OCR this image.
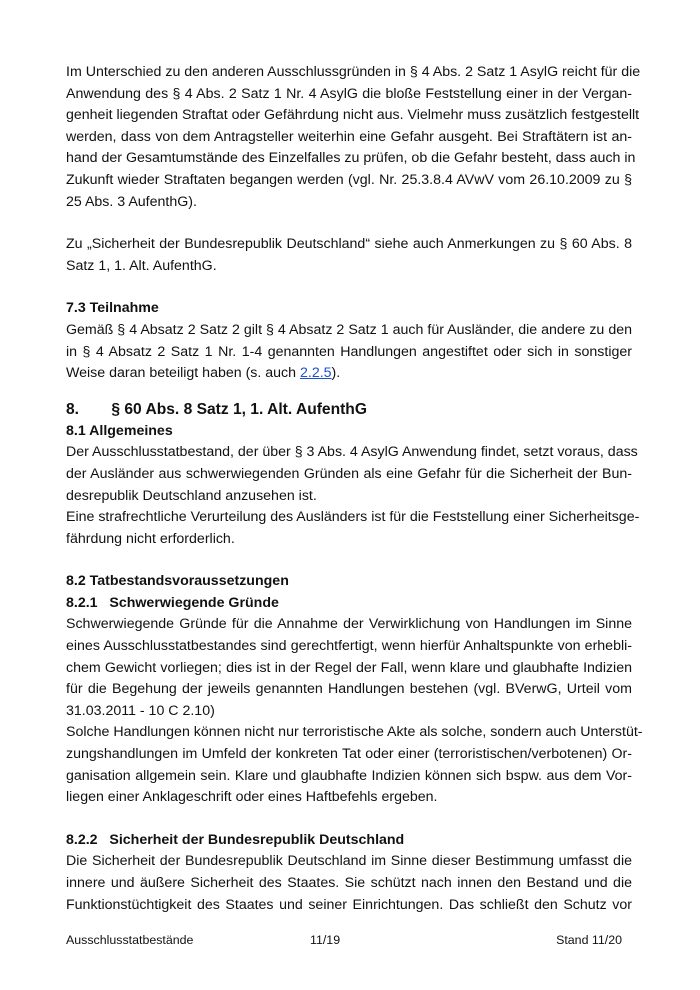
Im Unterschied zu den anderen Ausschlussgründen in § 4 Abs. 2 Satz 1 AsylG reicht für die
Anwendung des § 4 Abs. 2 Satz 1 Nr. 4 AsylG die bloße Feststellung einer in der Vergan-
genheit liegenden Straftat oder Gefährdung nicht aus. Vielmehr muss zusätzlich festgestellt
werden, dass von dem Antragsteller weiterhin eine Gefahr ausgeht. Bei Straftätern ist an-
hand der Gesamtumstände des Einzelfalles zu prüfen, ob die Gefahr besteht, dass auch in
Zukunft wieder Straftaten begangen werden (vgl. Nr. 25.3.8.4 AVwV vom 26.10.2009 zu §
25 Abs. 3 AufenthG).

Zu „Sicherheit der Bundesrepublik Deutschland“ siehe auch Anmerkungen zu § 60 Abs. 8
Satz 1, 1. Alt. AufenthG.

7.3 Teilnahme

Gemäß § 4 Absatz 2 Satz 2 gilt § 4 Absatz 2 Satz 1 auch für Ausländer, die andere zu den
in § 4 Absatz 2 Satz 1 Nr. 1-4 genannten Handlungen angestiftet oder sich in sonstiger
Weise daran beteiligt haben (s. auch 2.2.5).

8. § 60 Abs. 8 Satz 1, 1. Alt. AufenthG

8.1 Allgemeines

Der Ausschlusstatbestand, der über § 3 Abs. 4 AsylG Anwendung findet, setzt voraus, dass
der Ausländer aus schwerwiegenden Gründen als eine Gefahr für die Sicherheit der Bun-
desrepublik Deutschland anzusehen ist.

Eine strafrechtliche Verurteilung des Ausländers ist für die Feststellung einer Sicherheitsge-
fährdung nicht erforderlich.

8.2 Tatbestandsvoraussetzungen

8.2.1   Schwerwiegende Gründe

Schwerwiegende Gründe für die Annahme der Verwirklichung von Handlungen im Sinne
eines Ausschlusstatbestandes sind gerechtfertigt, wenn hierfür Anhaltspunkte von erhebli-
chem Gewicht vorliegen; dies ist in der Regel der Fall, wenn klare und glaubhafte Indizien
für die Begehung der jeweils genannten Handlungen bestehen (vgl. BVerwG, Urteil vom
31.03.2011 - 10 C 2.10)

Solche Handlungen können nicht nur terroristische Akte als solche, sondern auch Unterstüt-
zungshandlungen im Umfeld der konkreten Tat oder einer (terroristischen/verbotenen) Or-
ganisation allgemein sein. Klare und glaubhafte Indizien können sich bspw. aus dem Vor-
liegen einer Anklageschrift oder eines Haftbefehls ergeben.

8.2.2   Sicherheit der Bundesrepublik Deutschland

Die Sicherheit der Bundesrepublik Deutschland im Sinne dieser Bestimmung umfasst die
innere und äußere Sicherheit des Staates. Sie schützt nach innen den Bestand und die
Funktionstüchtigkeit des Staates und seiner Einrichtungen. Das schließt den Schutz vor

Ausschlusstatbestände	11/19	Stand 11/20
